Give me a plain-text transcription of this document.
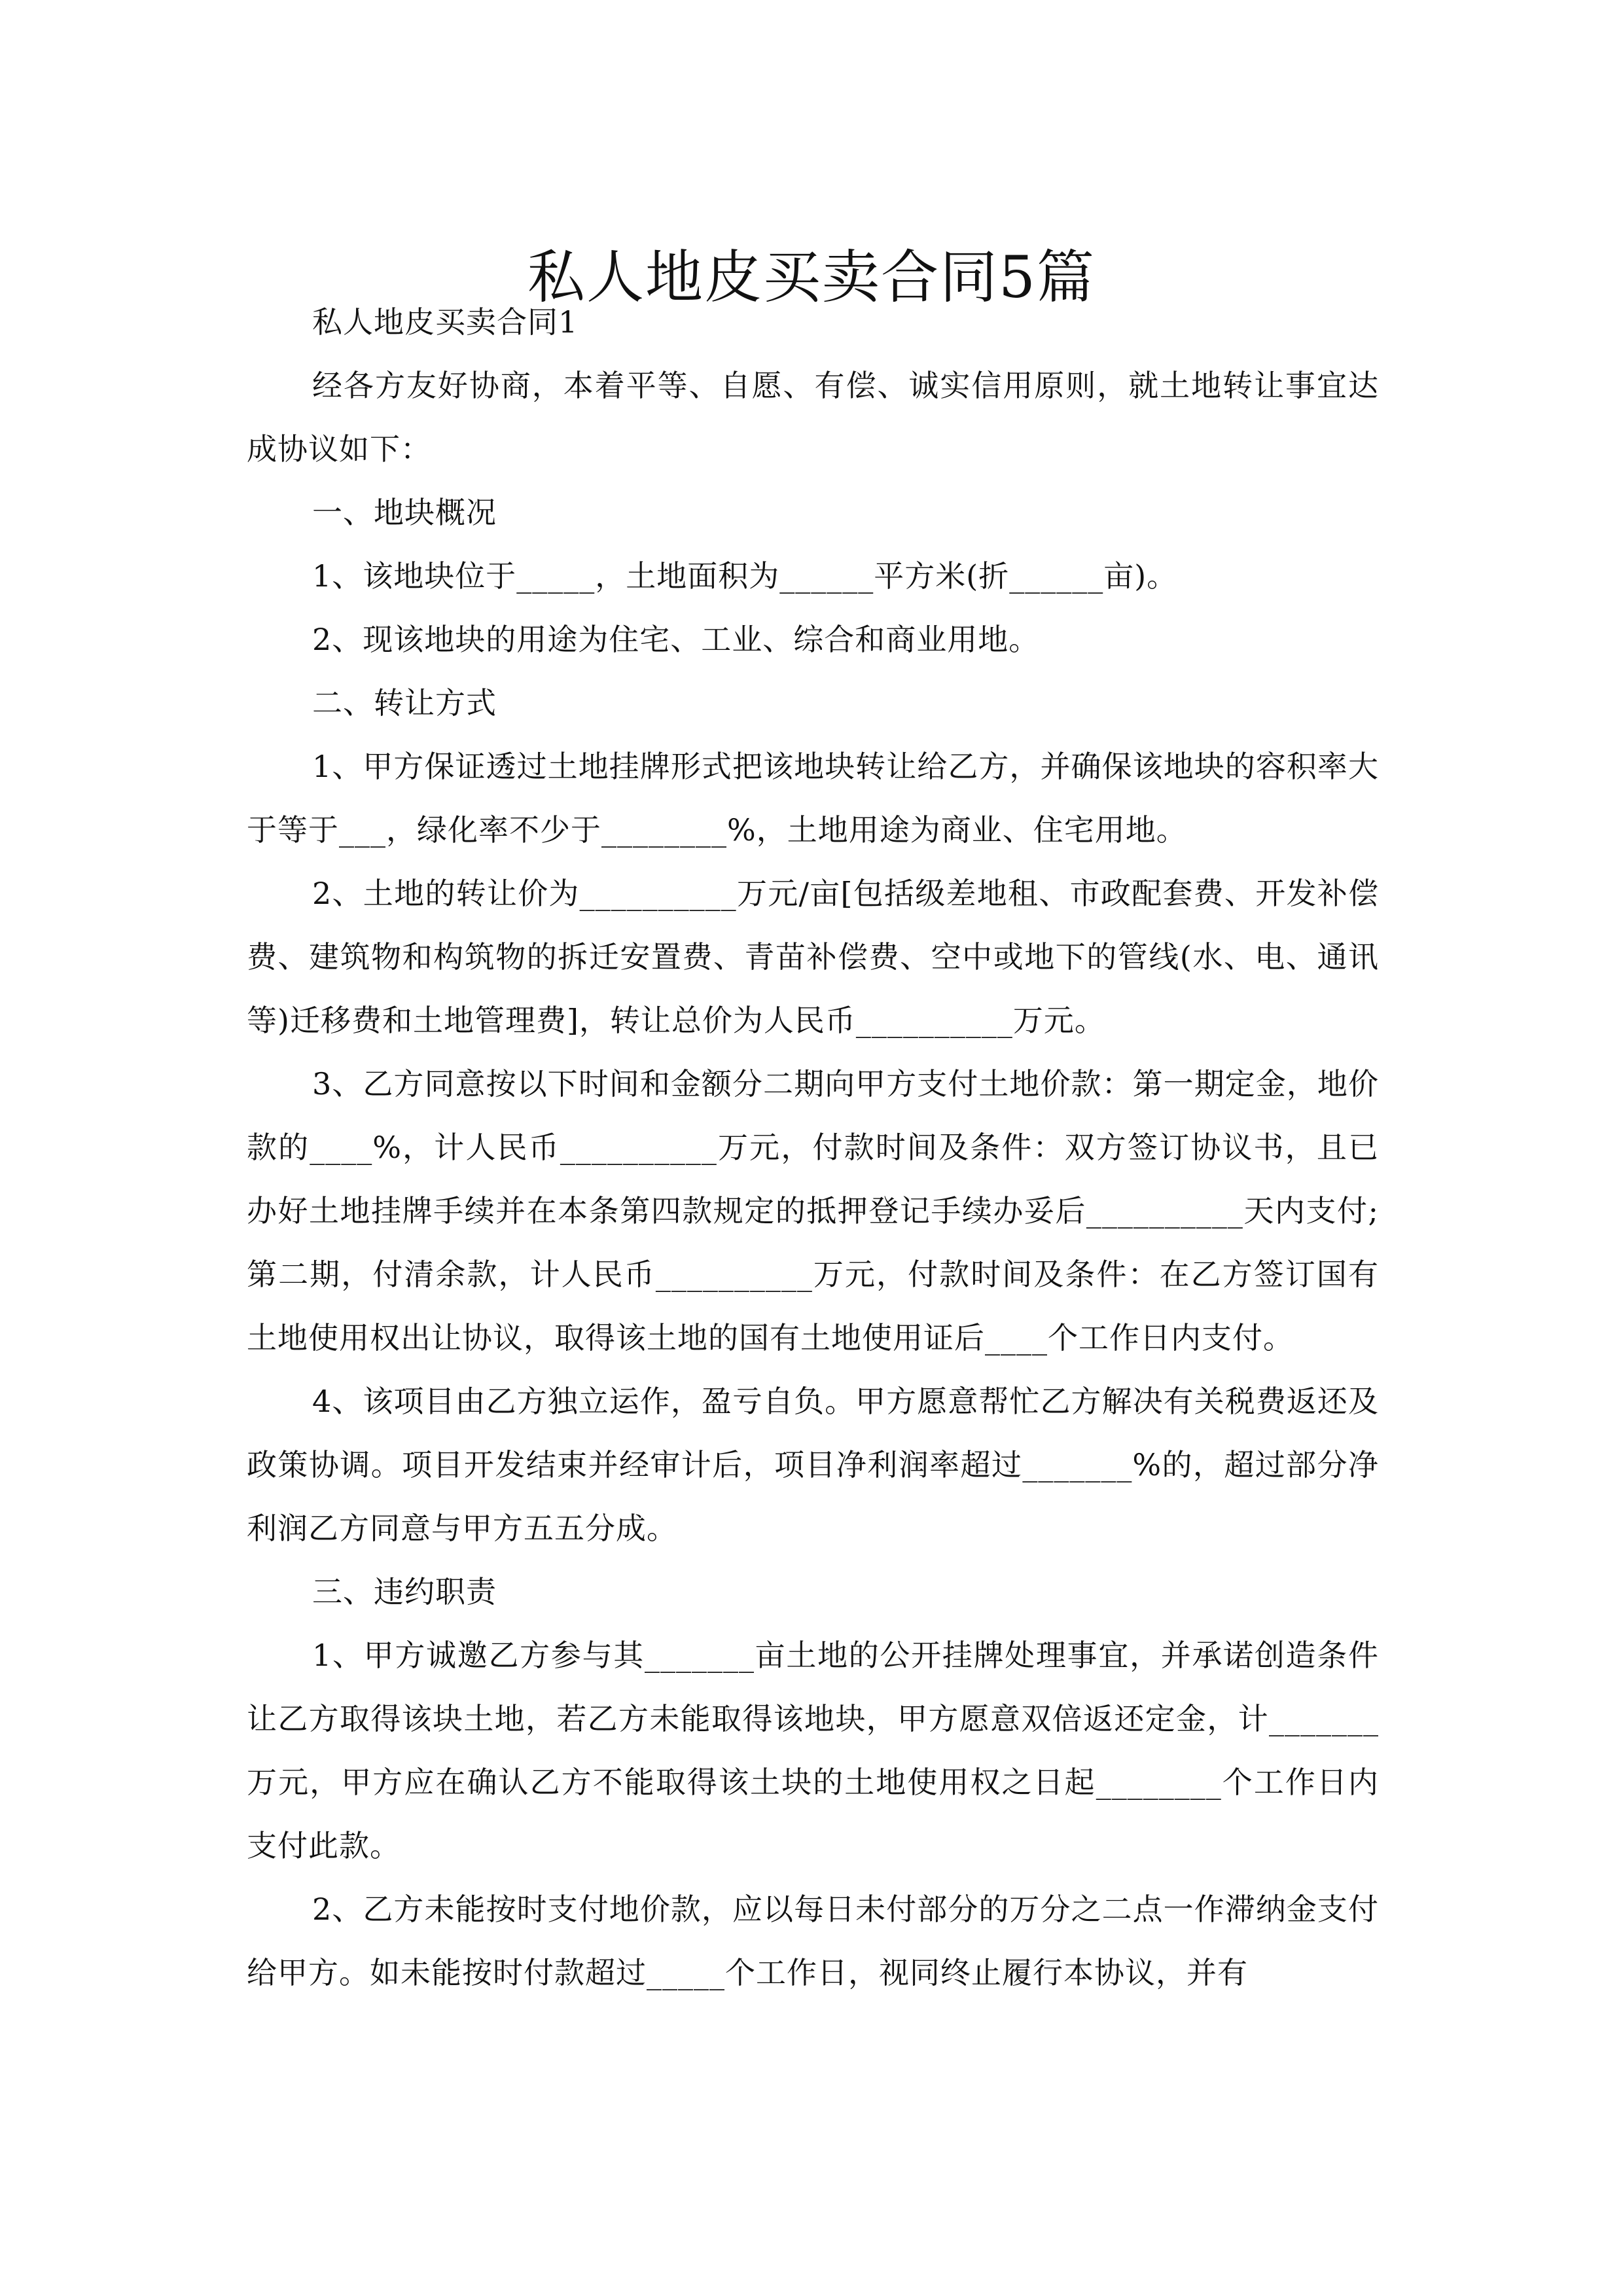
私人地皮买卖合同5篇

私人地皮买卖合同1

经各方友好协商，本着平等、自愿、有偿、诚实信用原则，就土地转让事宜达成协议如下：

一、地块概况

1、该地块位于_____，土地面积为______平方米(折______亩)。

2、现该地块的用途为住宅、工业、综合和商业用地。

二、转让方式

1、甲方保证透过土地挂牌形式把该地块转让给乙方，并确保该地块的容积率大于等于___，绿化率不少于________%，土地用途为商业、住宅用地。

2、土地的转让价为__________万元/亩[包括级差地租、市政配套费、开发补偿费、建筑物和构筑物的拆迁安置费、青苗补偿费、空中或地下的管线(水、电、通讯等)迁移费和土地管理费]，转让总价为人民币__________万元。

3、乙方同意按以下时间和金额分二期向甲方支付土地价款：第一期定金，地价款的____%，计人民币__________万元，付款时间及条件：双方签订协议书，且已办好土地挂牌手续并在本条第四款规定的抵押登记手续办妥后__________天内支付;第二期，付清余款，计人民币__________万元，付款时间及条件：在乙方签订国有土地使用权出让协议，取得该土地的国有土地使用证后____个工作日内支付。

4、该项目由乙方独立运作，盈亏自负。甲方愿意帮忙乙方解决有关税费返还及政策协调。项目开发结束并经审计后，项目净利润率超过_______%的，超过部分净利润乙方同意与甲方五五分成。

三、违约职责

1、甲方诚邀乙方参与其_______亩土地的公开挂牌处理事宜，并承诺创造条件让乙方取得该块土地，若乙方未能取得该地块，甲方愿意双倍返还定金，计_______万元，甲方应在确认乙方不能取得该土块的土地使用权之日起________个工作日内支付此款。

2、乙方未能按时支付地价款，应以每日未付部分的万分之二点一作滞纳金支付给甲方。如未能按时付款超过_____个工作日，视同终止履行本协议，并有
